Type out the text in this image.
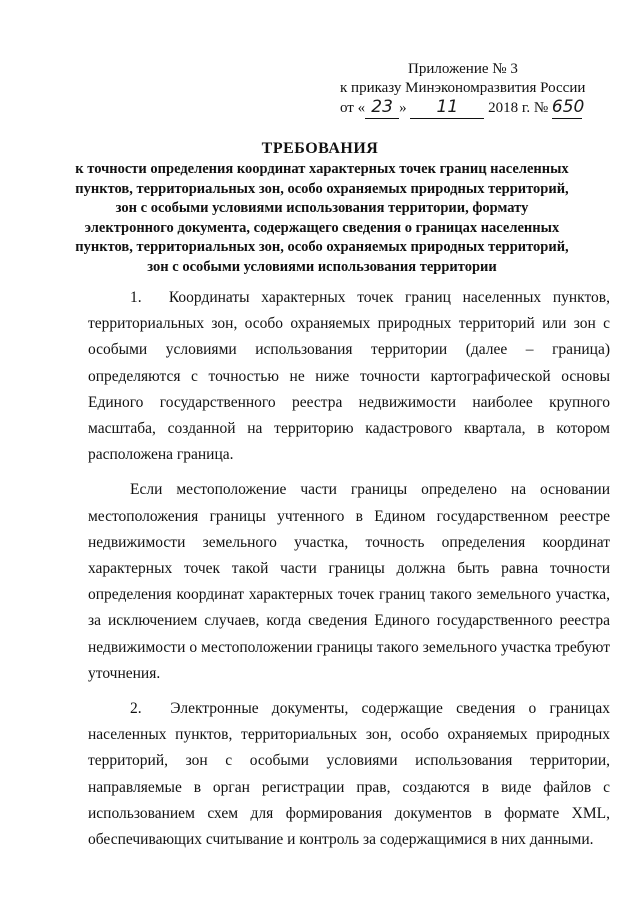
Приложение № 3
к приказу Минэкономразвития России
от « 23 » 11 2018 г. № 650
ТРЕБОВАНИЯ
к точности определения координат характерных точек границ населенных пунктов, территориальных зон, особо охраняемых природных территорий, зон с особыми условиями использования территории, формату электронного документа, содержащего сведения о границах населенных пунктов, территориальных зон, особо охраняемых природных территорий, зон с особыми условиями использования территории

1.  Координаты характерных точек границ населенных пунктов, территориальных зон, особо охраняемых природных территорий или зон с особыми условиями использования территории (далее – граница) определяются с точностью не ниже точности картографической основы Единого государственного реестра недвижимости наиболее крупного масштаба, созданной на территорию кадастрового квартала, в котором расположена граница.

Если местоположение части границы определено на основании местоположения границы учтенного в Едином государственном реестре недвижимости земельного участка, точность определения координат характерных точек такой части границы должна быть равна точности определения координат характерных точек границ такого земельного участка, за исключением случаев, когда сведения Единого государственного реестра недвижимости о местоположении границы такого земельного участка требуют уточнения.

2.  Электронные документы, содержащие сведения о границах населенных пунктов, территориальных зон, особо охраняемых природных территорий, зон с особыми условиями использования территории, направляемые в орган регистрации прав, создаются в виде файлов с использованием схем для формирования документов в формате XML, обеспечивающих считывание и контроль за содержащимися в них данными.
